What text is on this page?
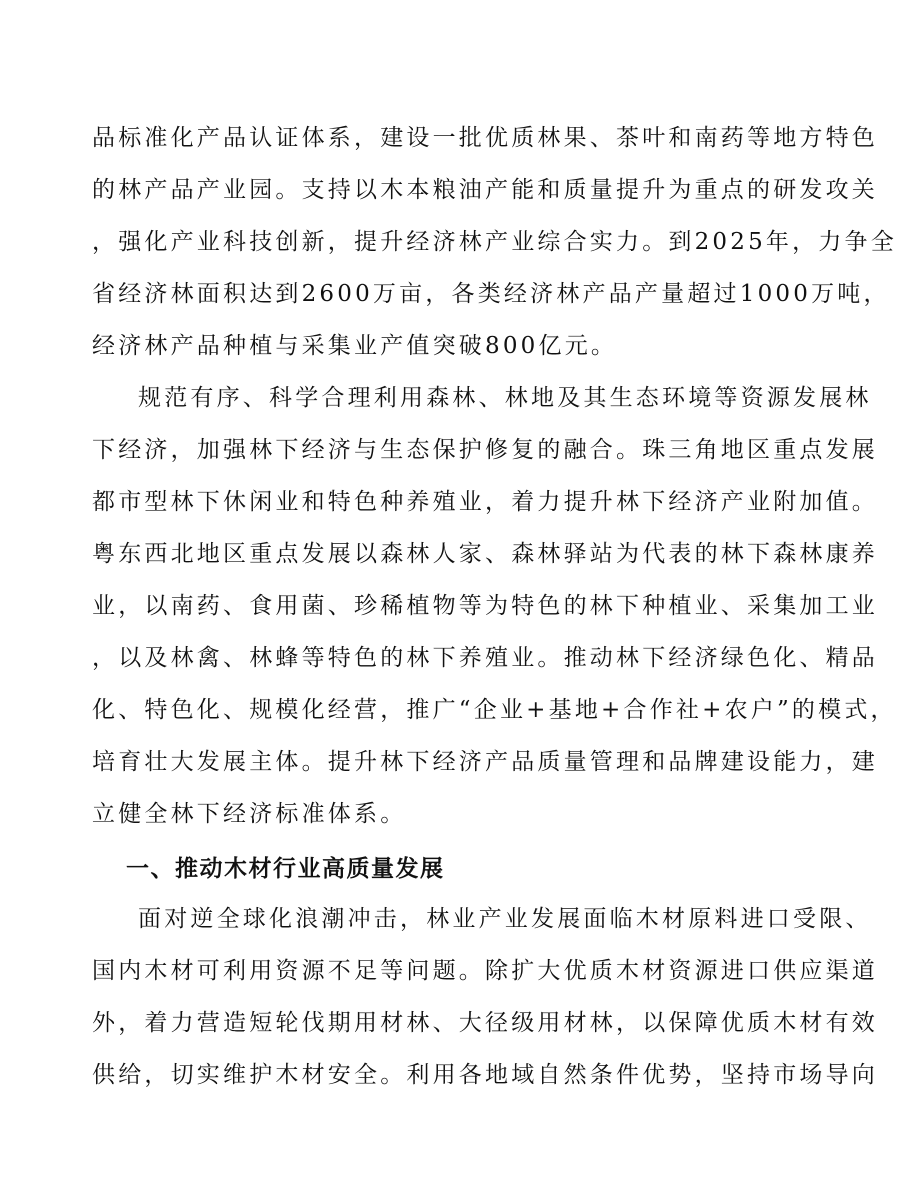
品标准化产品认证体系，建设一批优质林果、茶叶和南药等地方特色
的林产品产业园。支持以木本粮油产能和质量提升为重点的研发攻关
，强化产业科技创新，提升经济林产业综合实力。到2025年，力争全
省经济林面积达到2600万亩，各类经济林产品产量超过1000万吨，
经济林产品种植与采集业产值突破800亿元。
规范有序、科学合理利用森林、林地及其生态环境等资源发展林
下经济，加强林下经济与生态保护修复的融合。珠三角地区重点发展
都市型林下休闲业和特色种养殖业，着力提升林下经济产业附加值。
粤东西北地区重点发展以森林人家、森林驿站为代表的林下森林康养
业，以南药、食用菌、珍稀植物等为特色的林下种植业、采集加工业
，以及林禽、林蜂等特色的林下养殖业。推动林下经济绿色化、精品
化、特色化、规模化经营，推广“企业+基地+合作社+农户”的模式，
培育壮大发展主体。提升林下经济产品质量管理和品牌建设能力，建
立健全林下经济标准体系。
一、推动木材行业高质量发展
面对逆全球化浪潮冲击，林业产业发展面临木材原料进口受限、
国内木材可利用资源不足等问题。除扩大优质木材资源进口供应渠道
外，着力营造短轮伐期用材林、大径级用材林，以保障优质木材有效
供给，切实维护木材安全。利用各地域自然条件优势，坚持市场导向
